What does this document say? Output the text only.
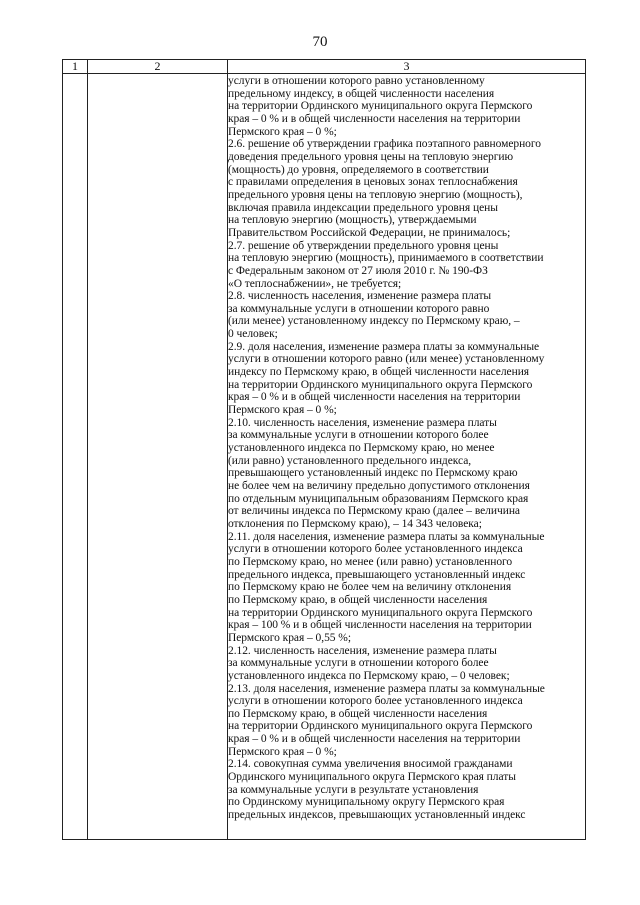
70
1	2	3
услуги в отношении которого равно установленному
предельному индексу, в общей численности населения
на территории Ординского муниципального округа Пермского
края – 0 % и в общей численности населения на территории
Пермского края – 0 %;
2.6. решение об утверждении графика поэтапного равномерного
доведения предельного уровня цены на тепловую энергию
(мощность) до уровня, определяемого в соответствии
с правилами определения в ценовых зонах теплоснабжения
предельного уровня цены на тепловую энергию (мощность),
включая правила индексации предельного уровня цены
на тепловую энергию (мощность), утверждаемыми
Правительством Российской Федерации, не принималось;
2.7. решение об утверждении предельного уровня цены
на тепловую энергию (мощность), принимаемого в соответствии
с Федеральным законом от 27 июля 2010 г. № 190-ФЗ
«О теплоснабжении», не требуется;
2.8. численность населения, изменение размера платы
за коммунальные услуги в отношении которого равно
(или менее) установленному индексу по Пермскому краю, –
0 человек;
2.9. доля населения, изменение размера платы за коммунальные
услуги в отношении которого равно (или менее) установленному
индексу по Пермскому краю, в общей численности населения
на территории Ординского муниципального округа Пермского
края – 0 % и в общей численности населения на территории
Пермского края – 0 %;
2.10. численность населения, изменение размера платы
за коммунальные услуги в отношении которого более
установленного индекса по Пермскому краю, но менее
(или равно) установленного предельного индекса,
превышающего установленный индекс по Пермскому краю
не более чем на величину предельно допустимого отклонения
по отдельным муниципальным образованиям Пермского края
от величины индекса по Пермскому краю (далее – величина
отклонения по Пермскому краю), – 14 343 человека;
2.11. доля населения, изменение размера платы за коммунальные
услуги в отношении которого более установленного индекса
по Пермскому краю, но менее (или равно) установленного
предельного индекса, превышающего установленный индекс
по Пермскому краю не более чем на величину отклонения
по Пермскому краю, в общей численности населения
на территории Ординского муниципального округа Пермского
края – 100 % и в общей численности населения на территории
Пермского края – 0,55 %;
2.12. численность населения, изменение размера платы
за коммунальные услуги в отношении которого более
установленного индекса по Пермскому краю, – 0 человек;
2.13. доля населения, изменение размера платы за коммунальные
услуги в отношении которого более установленного индекса
по Пермскому краю, в общей численности населения
на территории Ординского муниципального округа Пермского
края – 0 % и в общей численности населения на территории
Пермского края – 0 %;
2.14. совокупная сумма увеличения вносимой гражданами
Ординского муниципального округа Пермского края платы
за коммунальные услуги в результате установления
по Ординскому муниципальному округу Пермского края
предельных индексов, превышающих установленный индекс
